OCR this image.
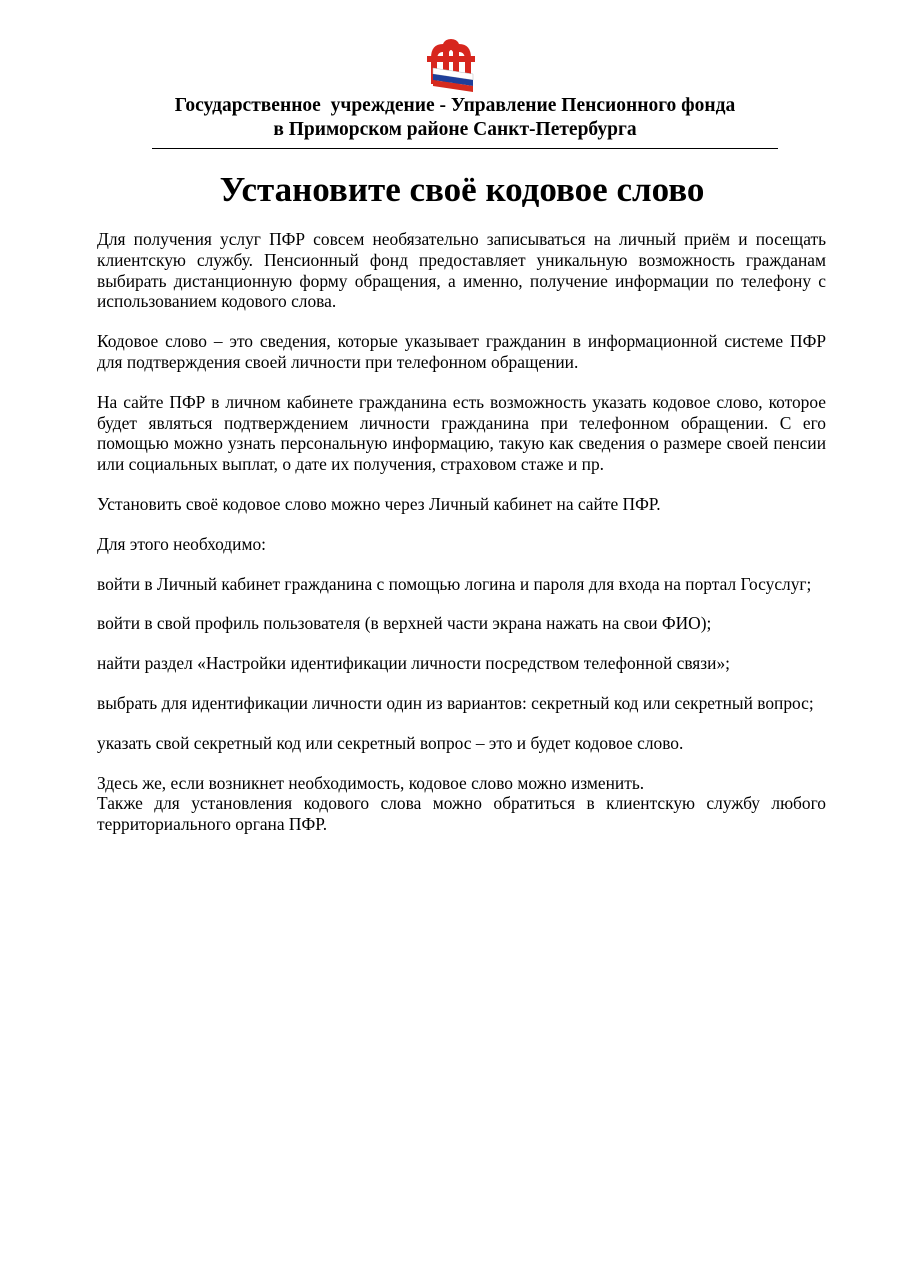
Государственное  учреждение - Управление Пенсионного фонда
в Приморском районе Санкт-Петербурга
Установите своё кодовое слово

Для получения услуг ПФР совсем необязательно записываться на личный приём и посещать клиентскую службу. Пенсионный фонд предоставляет уникальную возможность гражданам выбирать дистанционную форму обращения, а именно, получение информации по телефону с использованием кодового слова.

Кодовое слово – это сведения, которые указывает гражданин в информационной системе ПФР для подтверждения своей личности при телефонном обращении.

На сайте ПФР в личном кабинете гражданина есть возможность указать кодовое слово, которое будет являться подтверждением личности гражданина при телефонном обращении. С его помощью можно узнать персональную информацию, такую как сведения о размере своей пенсии или социальных выплат, о дате их получения, страховом стаже и пр.

Установить своё кодовое слово можно через Личный кабинет на сайте ПФР.

Для этого необходимо:

войти в Личный кабинет гражданина с помощью логина и пароля для входа на портал Госуслуг;

войти в свой профиль пользователя (в верхней части экрана нажать на свои ФИО);

найти раздел «Настройки идентификации личности посредством телефонной связи»;

выбрать для идентификации личности один из вариантов: секретный код или секретный вопрос;

указать свой секретный код или секретный вопрос – это и будет кодовое слово.

Здесь же, если возникнет необходимость, кодовое слово можно изменить.

Также для установления кодового слова можно обратиться в клиентскую службу любого территориального органа ПФР.
